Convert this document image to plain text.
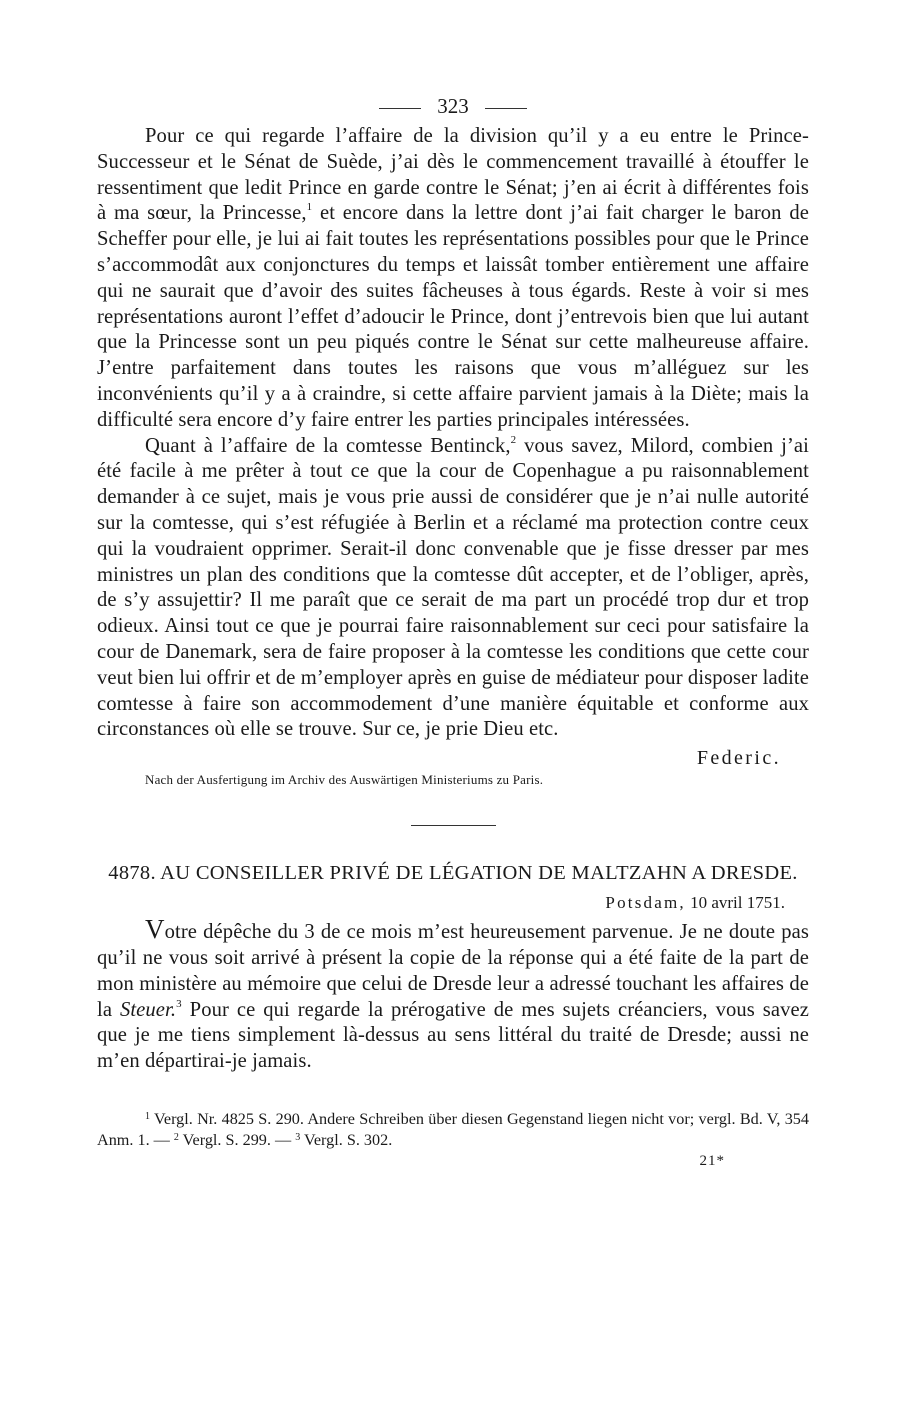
323

Pour ce qui regarde l’affaire de la division qu’il y a eu entre le Prince-Successeur et le Sénat de Suède, j’ai dès le commencement travaillé à étouffer le ressentiment que ledit Prince en garde contre le Sénat; j’en ai écrit à différentes fois à ma sœur, la Princesse,$^1$ et encore dans la lettre dont j’ai fait charger le baron de Scheffer pour elle, je lui ai fait toutes les représentations possibles pour que le Prince s’accommodât aux conjonctures du temps et laissât tomber entièrement une affaire qui ne saurait que d’avoir des suites fâcheuses à tous égards. Reste à voir si mes représentations auront l’effet d’adoucir le Prince, dont j’entrevois bien que lui autant que la Princesse sont un peu piqués contre le Sénat sur cette malheureuse affaire. J’entre parfaitement dans toutes les raisons que vous m’alléguez sur les inconvénients qu’il y a à craindre, si cette affaire parvient jamais à la Diète; mais la difficulté sera encore d’y faire entrer les parties principales intéressées.

Quant à l’affaire de la comtesse Bentinck,$^2$ vous savez, Milord, combien j’ai été facile à me prêter à tout ce que la cour de Copenhague a pu raisonnablement demander à ce sujet, mais je vous prie aussi de considérer que je n’ai nulle autorité sur la comtesse, qui s’est réfugiée à Berlin et a réclamé ma protection contre ceux qui la voudraient opprimer. Serait-il donc convenable que je fisse dresser par mes ministres un plan des conditions que la comtesse dût accepter, et de l’obliger, après, de s’y assujettir? Il me paraît que ce serait de ma part un procédé trop dur et trop odieux. Ainsi tout ce que je pourrai faire raisonnablement sur ceci pour satisfaire la cour de Danemark, sera de faire proposer à la comtesse les conditions que cette cour veut bien lui offrir et de m’employer après en guise de médiateur pour disposer ladite comtesse à faire son accommodement d’une manière équitable et conforme aux circonstances où elle se trouve. Sur ce, je prie Dieu etc.

Federic.

Nach der Ausfertigung im Archiv des Auswärtigen Ministeriums zu Paris.

4878. AU CONSEILLER PRIVÉ DE LÉGATION DE MALTZAHN A DRESDE.

Potsdam, 10 avril 1751.

Votre dépêche du 3 de ce mois m’est heureusement parvenue. Je ne doute pas qu’il ne vous soit arrivé à présent la copie de la réponse qui a été faite de la part de mon ministère au mémoire que celui de Dresde leur a adressé touchant les affaires de la Steuer.$^3$ Pour ce qui regarde la prérogative de mes sujets créanciers, vous savez que je me tiens simplement là-dessus au sens littéral du traité de Dresde; aussi ne m’en départirai-je jamais.

$^1$ Vergl. Nr. 4825 S. 290. Andere Schreiben über diesen Gegenstand liegen nicht vor; vergl. Bd. V, 354 Anm. 1. — $^2$ Vergl. S. 299. — $^3$ Vergl. S. 302.

21*
